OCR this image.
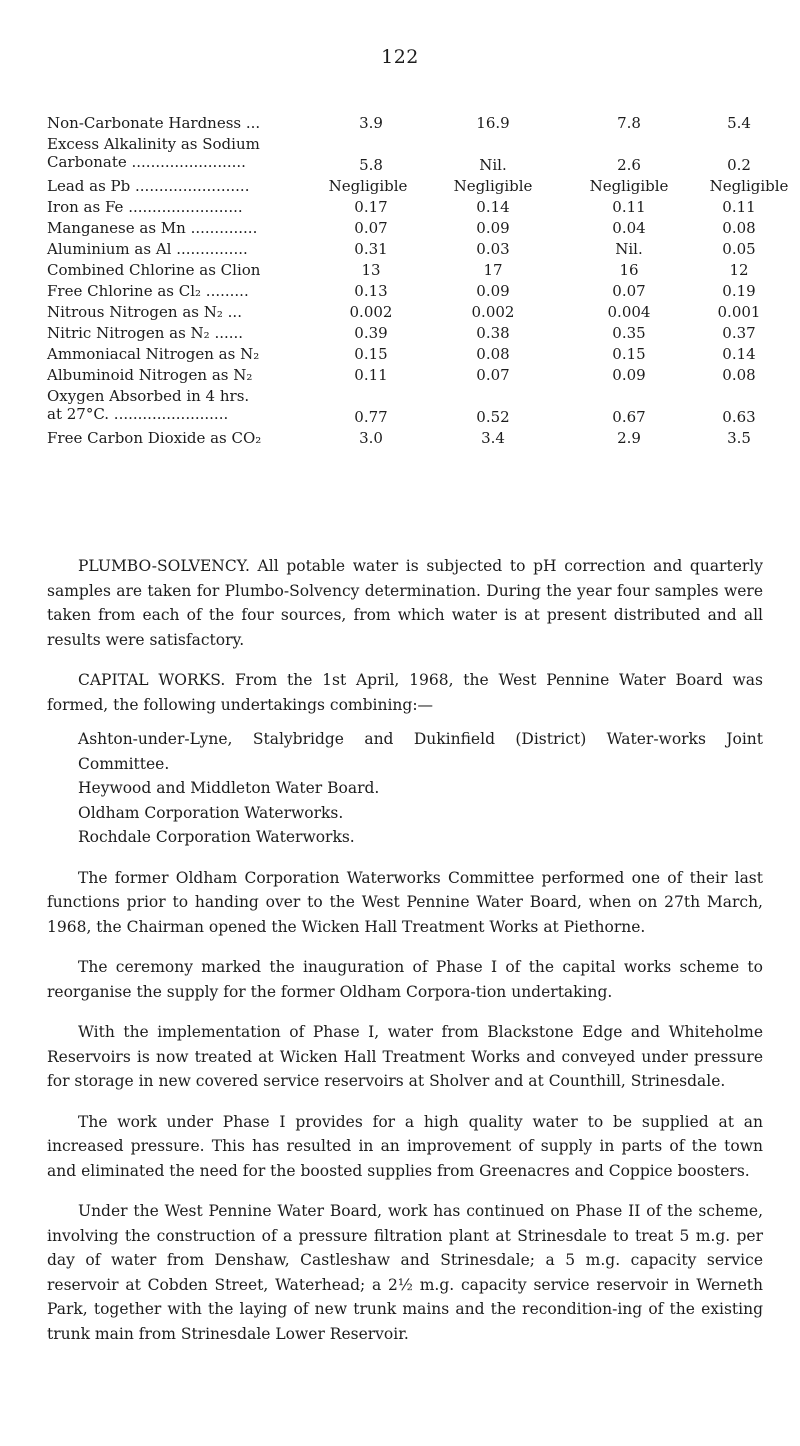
122
Non-Carbonate Hardness ...	3.9	16.9	7.8	5.4
Excess Alkalinity as Sodium
Carbonate ........................	5.8	Nil.	2.6	0.2
Lead as Pb ........................	Negligible	Negligible	Negligible	Negligible
Iron as Fe ........................	0.17	0.14	0.11	0.11
Manganese as Mn ..............	0.07	0.09	0.04	0.08
Aluminium as Al ...............	0.31	0.03	Nil.	0.05
Combined Chlorine as Clion	13	17	16	12
Free Chlorine as Cl₂ .........	0.13	0.09	0.07	0.19
Nitrous Nitrogen as N₂ ...	0.002	0.002	0.004	0.001
Nitric Nitrogen as N₂ ......	0.39	0.38	0.35	0.37
Ammoniacal Nitrogen as N₂	0.15	0.08	0.15	0.14
Albuminoid Nitrogen as N₂	0.11	0.07	0.09	0.08
Oxygen Absorbed in 4 hrs.
at 27°C. ........................	0.77	0.52	0.67	0.63
Free Carbon Dioxide as CO₂	3.0	3.4	2.9	3.5

PLUMBO-SOLVENCY. All potable water is subjected to pH correction and quarterly samples are taken for Plumbo-Solvency determination. During the year four samples were taken from each of the four sources, from which water is at present distributed and all results were satisfactory.

CAPITAL WORKS. From the 1st April, 1968, the West Pennine Water Board was formed, the following undertakings combining:—

Ashton-under-Lyne, Stalybridge and Dukinfield (District) Water-works Joint Committee.
Heywood and Middleton Water Board.
Oldham Corporation Waterworks.
Rochdale Corporation Waterworks.

The former Oldham Corporation Waterworks Committee performed one of their last functions prior to handing over to the West Pennine Water Board, when on 27th March, 1968, the Chairman opened the Wicken Hall Treatment Works at Piethorne.

The ceremony marked the inauguration of Phase I of the capital works scheme to reorganise the supply for the former Oldham Corpora-tion undertaking.

With the implementation of Phase I, water from Blackstone Edge and Whiteholme Reservoirs is now treated at Wicken Hall Treatment Works and conveyed under pressure for storage in new covered service reservoirs at Sholver and at Counthill, Strinesdale.

The work under Phase I provides for a high quality water to be supplied at an increased pressure. This has resulted in an improvement of supply in parts of the town and eliminated the need for the boosted supplies from Greenacres and Coppice boosters.

Under the West Pennine Water Board, work has continued on Phase II of the scheme, involving the construction of a pressure filtration plant at Strinesdale to treat 5 m.g. per day of water from Denshaw, Castleshaw and Strinesdale; a 5 m.g. capacity service reservoir at Cobden Street, Waterhead; a 2½ m.g. capacity service reservoir in Werneth Park, together with the laying of new trunk mains and the recondition-ing of the existing trunk main from Strinesdale Lower Reservoir.
